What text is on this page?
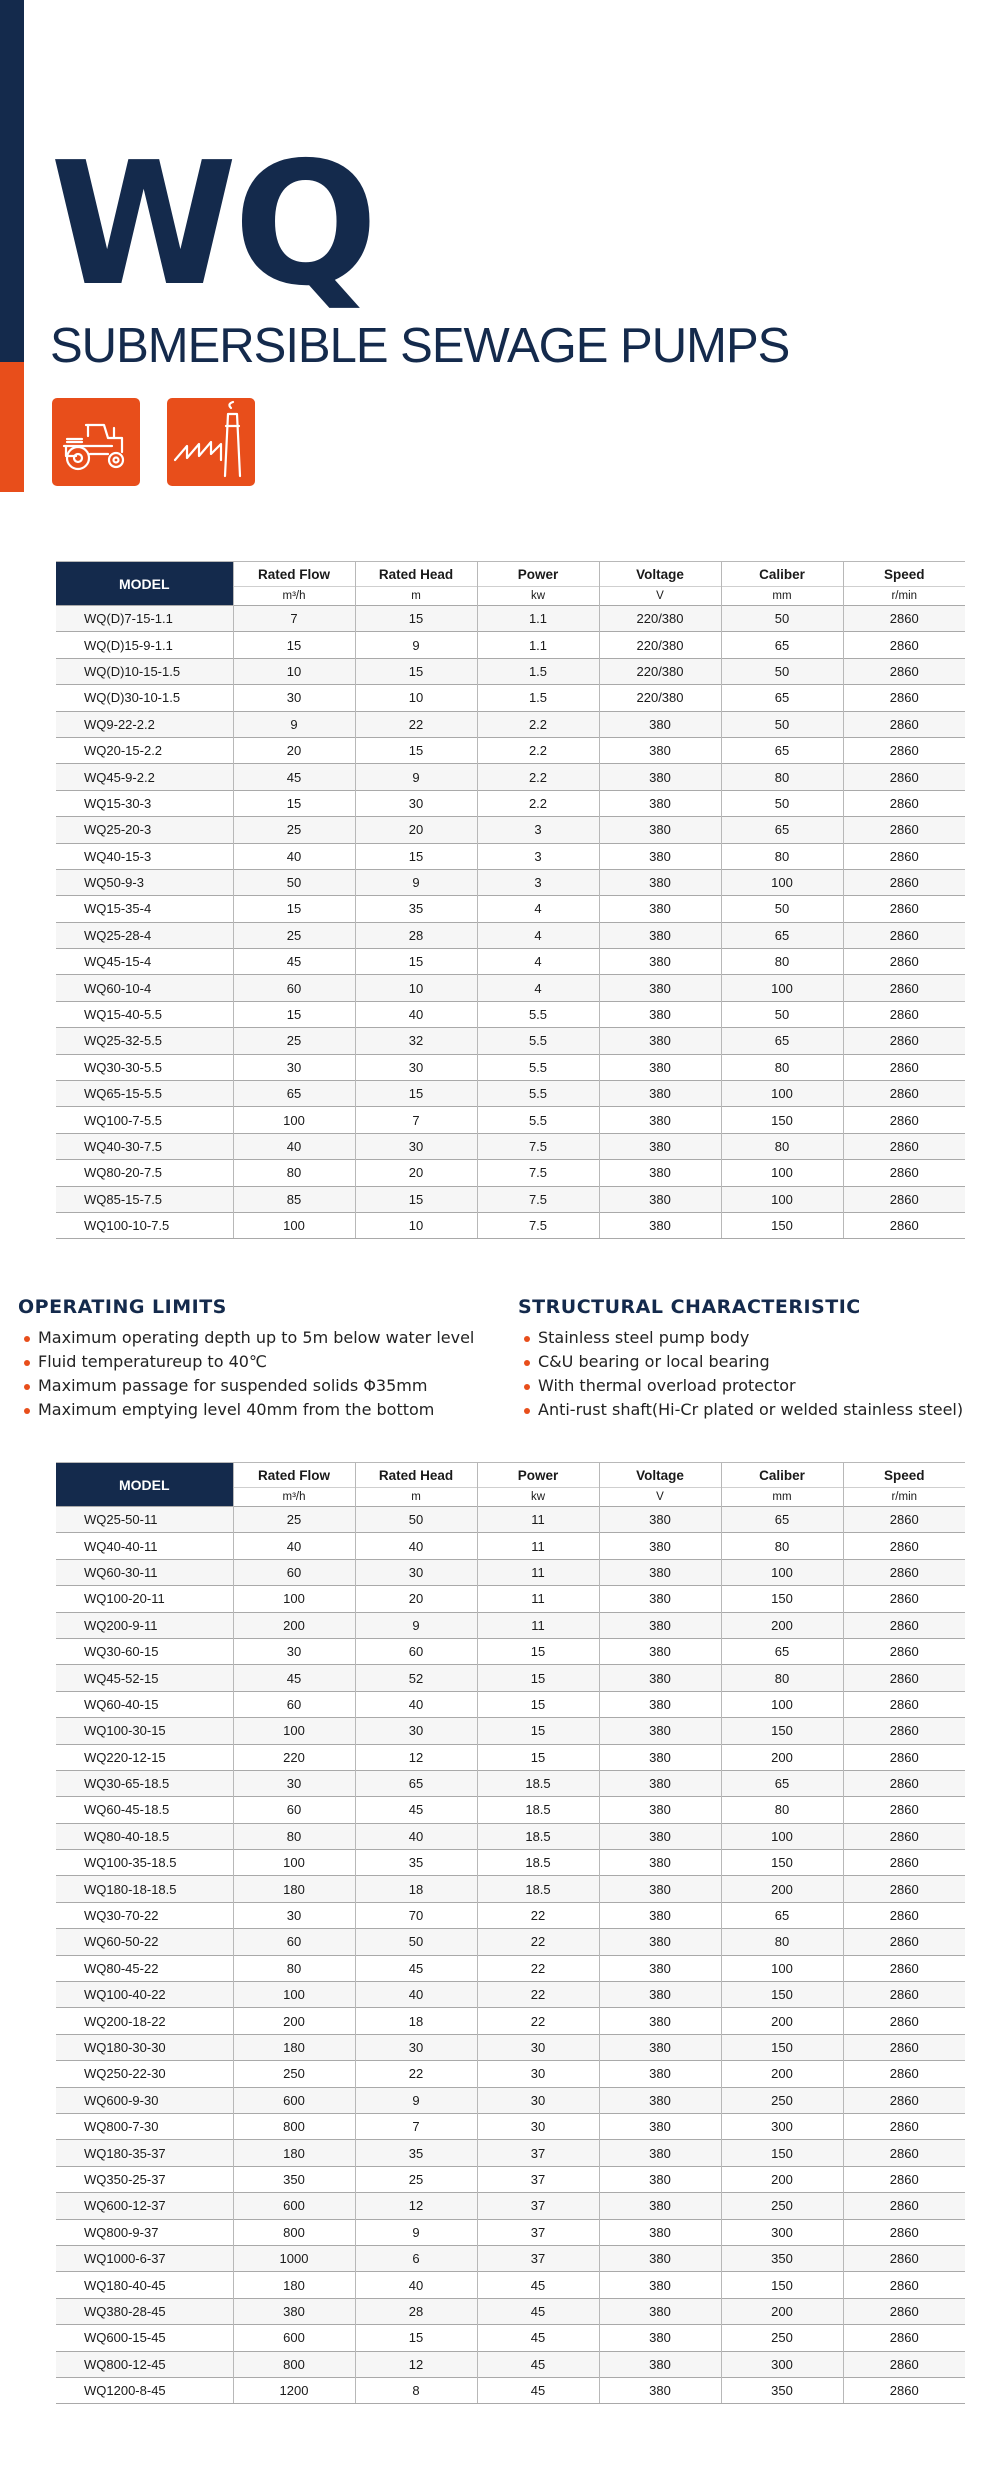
WQ
SUBMERSIBLE SEWAGE PUMPS
MODEL	Rated Flow	Rated Head	Power	Voltage	Caliber	Speed
	m³/h	m	kw	V	mm	r/min
WQ(D)7-15-1.1	7	15	1.1	220/380	50	2860
WQ(D)15-9-1.1	15	9	1.1	220/380	65	2860
WQ(D)10-15-1.5	10	15	1.5	220/380	50	2860
WQ(D)30-10-1.5	30	10	1.5	220/380	65	2860
WQ9-22-2.2	9	22	2.2	380	50	2860
WQ20-15-2.2	20	15	2.2	380	65	2860
WQ45-9-2.2	45	9	2.2	380	80	2860
WQ15-30-3	15	30	2.2	380	50	2860
WQ25-20-3	25	20	3	380	65	2860
WQ40-15-3	40	15	3	380	80	2860
WQ50-9-3	50	9	3	380	100	2860
WQ15-35-4	15	35	4	380	50	2860
WQ25-28-4	25	28	4	380	65	2860
WQ45-15-4	45	15	4	380	80	2860
WQ60-10-4	60	10	4	380	100	2860
WQ15-40-5.5	15	40	5.5	380	50	2860
WQ25-32-5.5	25	32	5.5	380	65	2860
WQ30-30-5.5	30	30	5.5	380	80	2860
WQ65-15-5.5	65	15	5.5	380	100	2860
WQ100-7-5.5	100	7	5.5	380	150	2860
WQ40-30-7.5	40	30	7.5	380	80	2860
WQ80-20-7.5	80	20	7.5	380	100	2860
WQ85-15-7.5	85	15	7.5	380	100	2860
WQ100-10-7.5	100	10	7.5	380	150	2860
OPERATING LIMITS
Maximum operating depth up to 5m below water level
Fluid temperatureup to 40℃
Maximum passage for suspended solids Φ35mm
Maximum emptying level 40mm from the bottom
STRUCTURAL CHARACTERISTIC
Stainless steel pump body
C&U bearing or local bearing
With thermal overload protector
Anti-rust shaft(Hi-Cr plated or welded stainless steel)
MODEL	Rated Flow	Rated Head	Power	Voltage	Caliber	Speed
	m³/h	m	kw	V	mm	r/min
WQ25-50-11	25	50	11	380	65	2860
WQ40-40-11	40	40	11	380	80	2860
WQ60-30-11	60	30	11	380	100	2860
WQ100-20-11	100	20	11	380	150	2860
WQ200-9-11	200	9	11	380	200	2860
WQ30-60-15	30	60	15	380	65	2860
WQ45-52-15	45	52	15	380	80	2860
WQ60-40-15	60	40	15	380	100	2860
WQ100-30-15	100	30	15	380	150	2860
WQ220-12-15	220	12	15	380	200	2860
WQ30-65-18.5	30	65	18.5	380	65	2860
WQ60-45-18.5	60	45	18.5	380	80	2860
WQ80-40-18.5	80	40	18.5	380	100	2860
WQ100-35-18.5	100	35	18.5	380	150	2860
WQ180-18-18.5	180	18	18.5	380	200	2860
WQ30-70-22	30	70	22	380	65	2860
WQ60-50-22	60	50	22	380	80	2860
WQ80-45-22	80	45	22	380	100	2860
WQ100-40-22	100	40	22	380	150	2860
WQ200-18-22	200	18	22	380	200	2860
WQ180-30-30	180	30	30	380	150	2860
WQ250-22-30	250	22	30	380	200	2860
WQ600-9-30	600	9	30	380	250	2860
WQ800-7-30	800	7	30	380	300	2860
WQ180-35-37	180	35	37	380	150	2860
WQ350-25-37	350	25	37	380	200	2860
WQ600-12-37	600	12	37	380	250	2860
WQ800-9-37	800	9	37	380	300	2860
WQ1000-6-37	1000	6	37	380	350	2860
WQ180-40-45	180	40	45	380	150	2860
WQ380-28-45	380	28	45	380	200	2860
WQ600-15-45	600	15	45	380	250	2860
WQ800-12-45	800	12	45	380	300	2860
WQ1200-8-45	1200	8	45	380	350	2860
